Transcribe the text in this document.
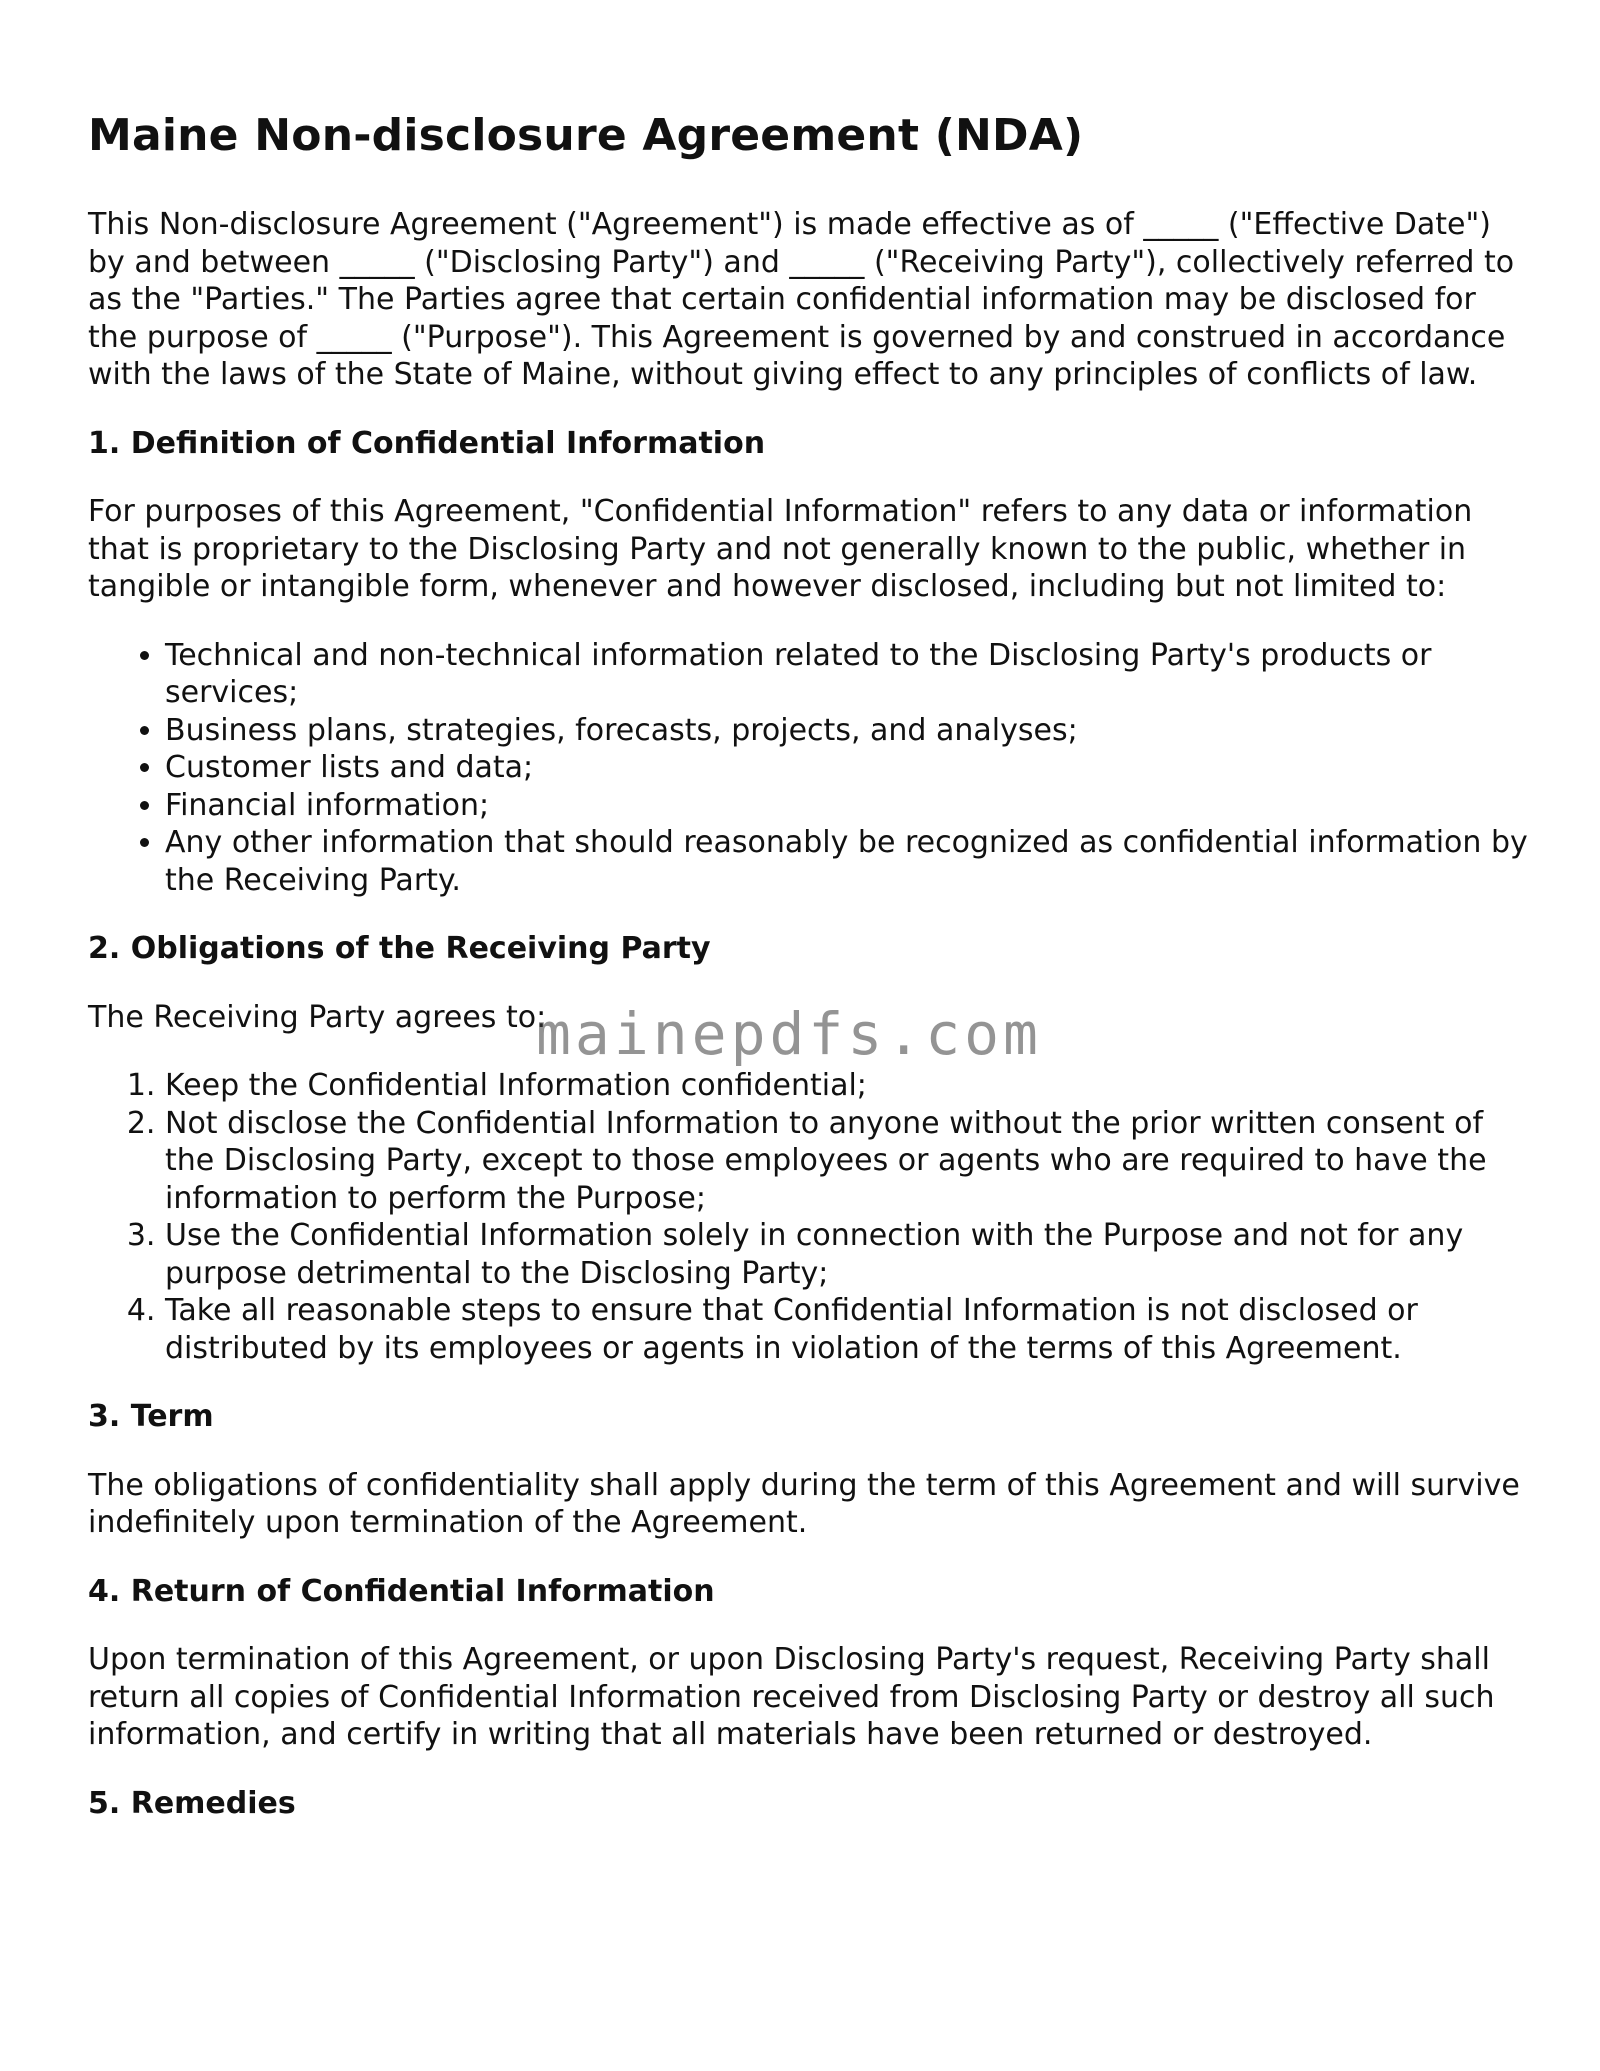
Maine Non-disclosure Agreement (NDA)

This Non-disclosure Agreement ("Agreement") is made effective as of _____ ("Effective Date") by and between _____ ("Disclosing Party") and _____ ("Receiving Party"), collectively referred to as the "Parties." The Parties agree that certain confidential information may be disclosed for the purpose of _____ ("Purpose"). This Agreement is governed by and construed in accordance with the laws of the State of Maine, without giving effect to any principles of conflicts of law.

1. Definition of Confidential Information

For purposes of this Agreement, "Confidential Information" refers to any data or information that is proprietary to the Disclosing Party and not generally known to the public, whether in tangible or intangible form, whenever and however disclosed, including but not limited to:

• Technical and non-technical information related to the Disclosing Party's products or services;
• Business plans, strategies, forecasts, projects, and analyses;
• Customer lists and data;
• Financial information;
• Any other information that should reasonably be recognized as confidential information by the Receiving Party.
2. Obligations of the Receiving Party

The Receiving Party agrees to:

1. Keep the Confidential Information confidential;
2. Not disclose the Confidential Information to anyone without the prior written consent of the Disclosing Party, except to those employees or agents who are required to have the information to perform the Purpose;
3. Use the Confidential Information solely in connection with the Purpose and not for any purpose detrimental to the Disclosing Party;
4. Take all reasonable steps to ensure that Confidential Information is not disclosed or distributed by its employees or agents in violation of the terms of this Agreement.
3. Term

The obligations of confidentiality shall apply during the term of this Agreement and will survive indefinitely upon termination of the Agreement.

4. Return of Confidential Information

Upon termination of this Agreement, or upon Disclosing Party's request, Receiving Party shall return all copies of Confidential Information received from Disclosing Party or destroy all such information, and certify in writing that all materials have been returned or destroyed.

5. Remedies
mainepdfs.com
